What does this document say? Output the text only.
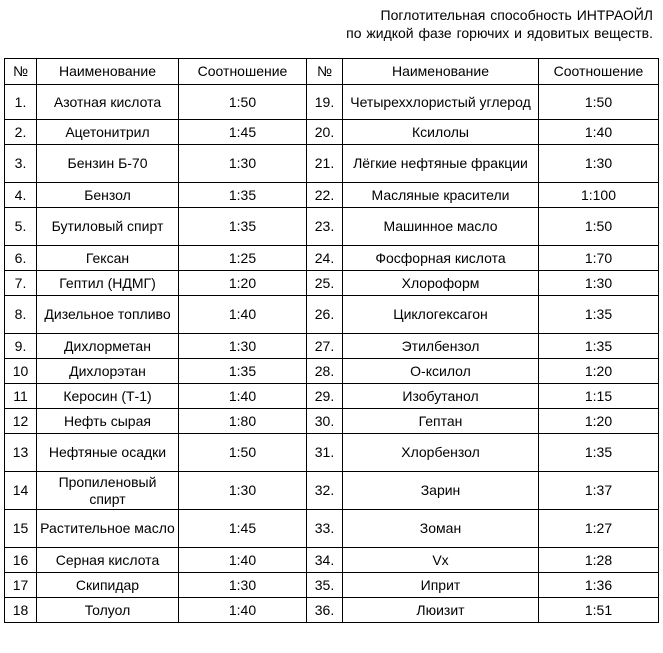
Поглотительная способность ИНТРАОЙЛ
по жидкой фазе горючих и ядовитых веществ.
№	Наименование	Соотношение	№	Наименование	Соотношение
1.	Азотная кислота	1:50	19.	Четыреххлористый углерод	1:50
2.	Ацетонитрил	1:45	20.	Ксилолы	1:40
3.	Бензин Б-70	1:30	21.	Лёгкие нефтяные фракции	1:30
4.	Бензол	1:35	22.	Масляные красители	1:100
5.	Бутиловый спирт	1:35	23.	Машинное масло	1:50
6.	Гексан	1:25	24.	Фосфорная кислота	1:70
7.	Гептил (НДМГ)	1:20	25.	Хлороформ	1:30
8.	Дизельное топливо	1:40	26.	Циклогексагон	1:35
9.	Дихлорметан	1:30	27.	Этилбензол	1:35
10	Дихлорэтан	1:35	28.	О-ксилол	1:20
11	Керосин (Т-1)	1:40	29.	Изобутанол	1:15
12	Нефть сырая	1:80	30.	Гептан	1:20
13	Нефтяные осадки	1:50	31.	Хлорбензол	1:35
14	Пропиленовый спирт	1:30	32.	Зарин	1:37
15	Растительное масло	1:45	33.	Зоман	1:27
16	Серная кислота	1:40	34.	Vx	1:28
17	Скипидар	1:30	35.	Иприт	1:36
18	Толуол	1:40	36.	Люизит	1:51
